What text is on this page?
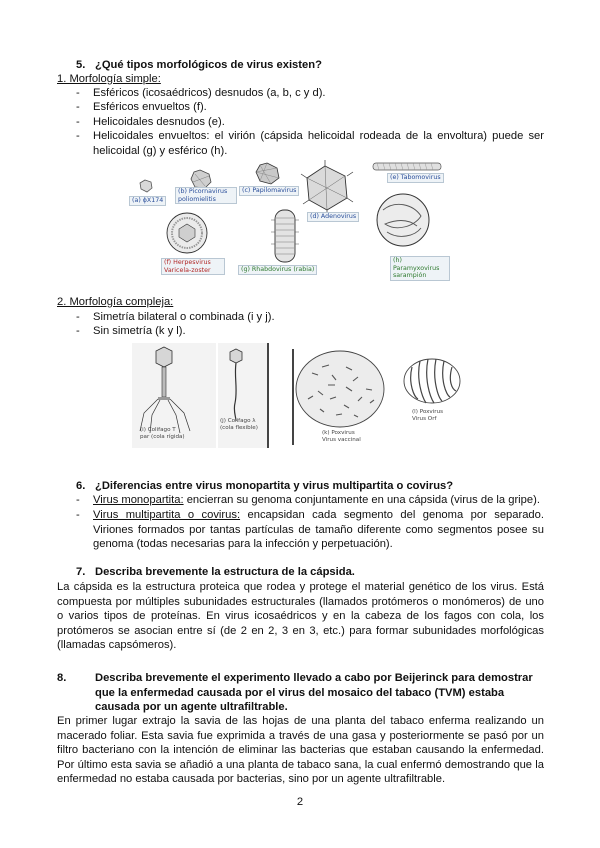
5. ¿Qué tipos morfológicos de virus existen?
1. Morfología simple:
- Esféricos (icosaédricos) desnudos (a, b, c y d).
- Esféricos envueltos (f).
- Helicoidales desnudos (e).
- Helicoidales envueltos: el virión (cápsida helicoidal rodeada de la envoltura) puede ser helicoidal (g) y esférico (h).
(a) ϕX174
(b) Picornavirus poliomielitis
(c) Papilomavirus
(d) Adenovirus
(e) Tabomovirus
(f) Herpesvirus Varicela-zoster	(g) Rhabdovirus (rabia)
(h) Paramyxovirus sarampión
2. Morfología compleja:
- Simetría bilateral o combinada (i y j).
- Sin simetría (k y l).
(i) Colifago T par (cola rígida)
(j) Colifago λ (cola flexible)
(k) Poxvirus Virus vaccinal
(l) Poxvirus Virus Orf
6. ¿Diferencias entre virus monopartita y virus multipartita o covirus?
- Virus monopartita: encierran su genoma conjuntamente en una cápsida (virus de la gripe).
- Virus multipartita o covirus: encapsidan cada segmento del genoma por separado. Viriones formados por tantas partículas de tamaño diferente como segmentos posee su genoma (todas necesarias para la infección y perpetuación).
7. Describa brevemente la estructura de la cápsida.
La cápsida es la estructura proteica que rodea y protege el material genético de los virus. Está compuesta por múltiples subunidades estructurales (llamados protómeros o monómeros) de uno o varios tipos de proteínas. En virus icosaédricos y en la cabeza de los fagos con cola, los protómeros se asocian entre sí (de 2 en 2, 3 en 3, etc.) para formar subunidades morfológicas (llamadas capsómeros).
8.	Describa brevemente el experimento llevado a cabo por Beijerinck para demostrar que la enfermedad causada por el virus del mosaico del tabaco (TVM) estaba causada por un agente ultrafiltrable.
En primer lugar extrajo la savia de las hojas de una planta del tabaco enferma realizando un macerado foliar. Esta savia fue exprimida a través de una gasa y posteriormente se pasó por un filtro bacteriano con la intención de eliminar las bacterias que estaban causando la enfermedad. Por último esta savia se añadió a una planta de tabaco sana, la cual enfermó demostrando que la enfermedad no estaba causada por bacterias, sino por un agente ultrafiltrable.
2
